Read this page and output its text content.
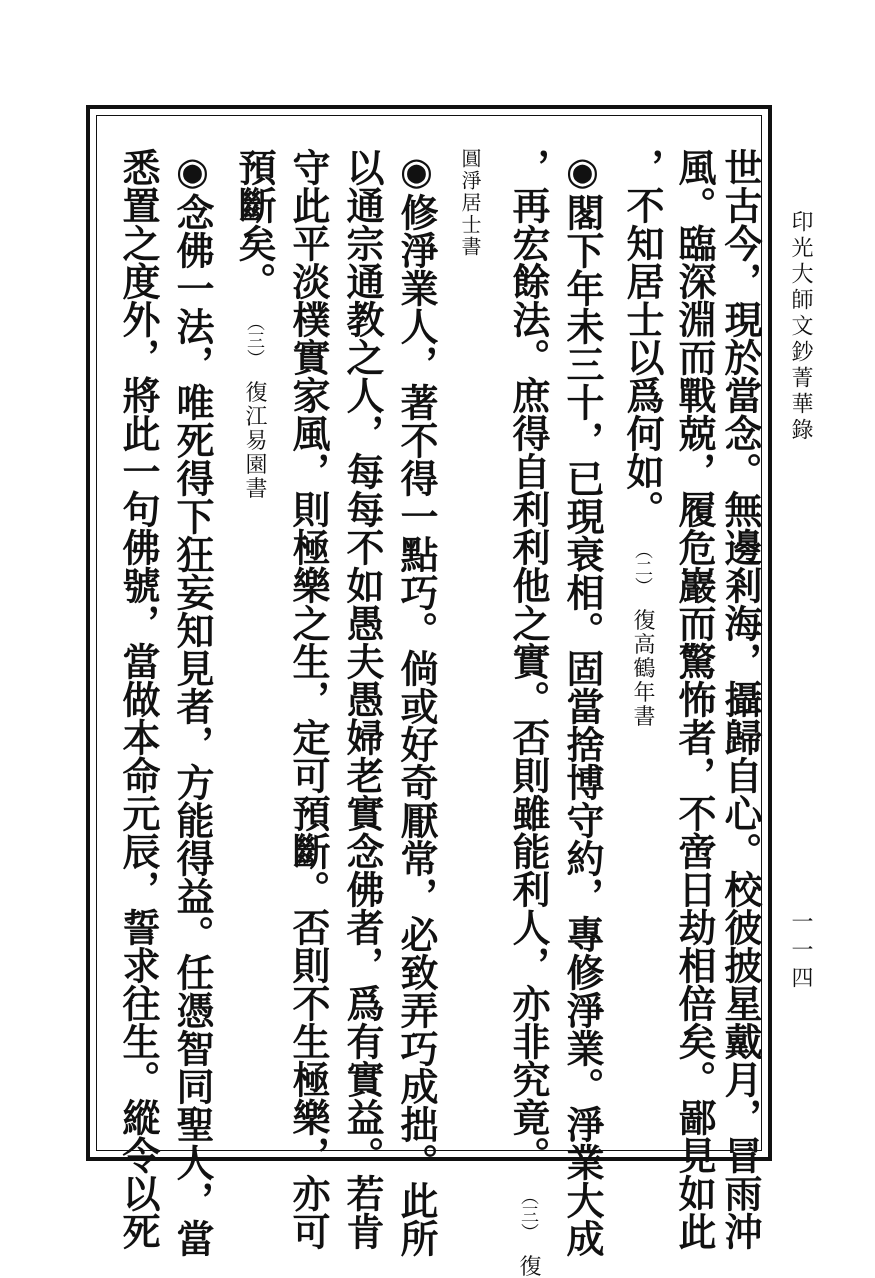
印光大師文鈔菁華錄
一一四
世古今，現於當念。無邊剎海，攝歸自心。校彼披星戴月，冒雨沖
風。臨深淵而戰兢，履危巖而驚怖者，不啻日劫相倍矣。鄙見如此
，不知居士以爲何如。 （二） 復高鶴年書
◉閣下年未三十，已現衰相。固當捨博守約，專修淨業。淨業大成
，再宏餘法。庶得自利利他之實。否則雖能利人，亦非究竟。 （三） 復
圓淨居士書
◉修淨業人，著不得一點巧。倘或好奇厭常，必致弄巧成拙。此所
以通宗通教之人，每每不如愚夫愚婦老實念佛者，爲有實益。若肯
守此平淡樸實家風，則極樂之生，定可預斷。否則不生極樂，亦可
預斷矣。 （三） 復江易園書
◉念佛一法，唯死得下狂妄知見者，方能得益。任憑智同聖人，當
悉置之度外，將此一句佛號，當做本命元辰，誓求往生。縱令以死
